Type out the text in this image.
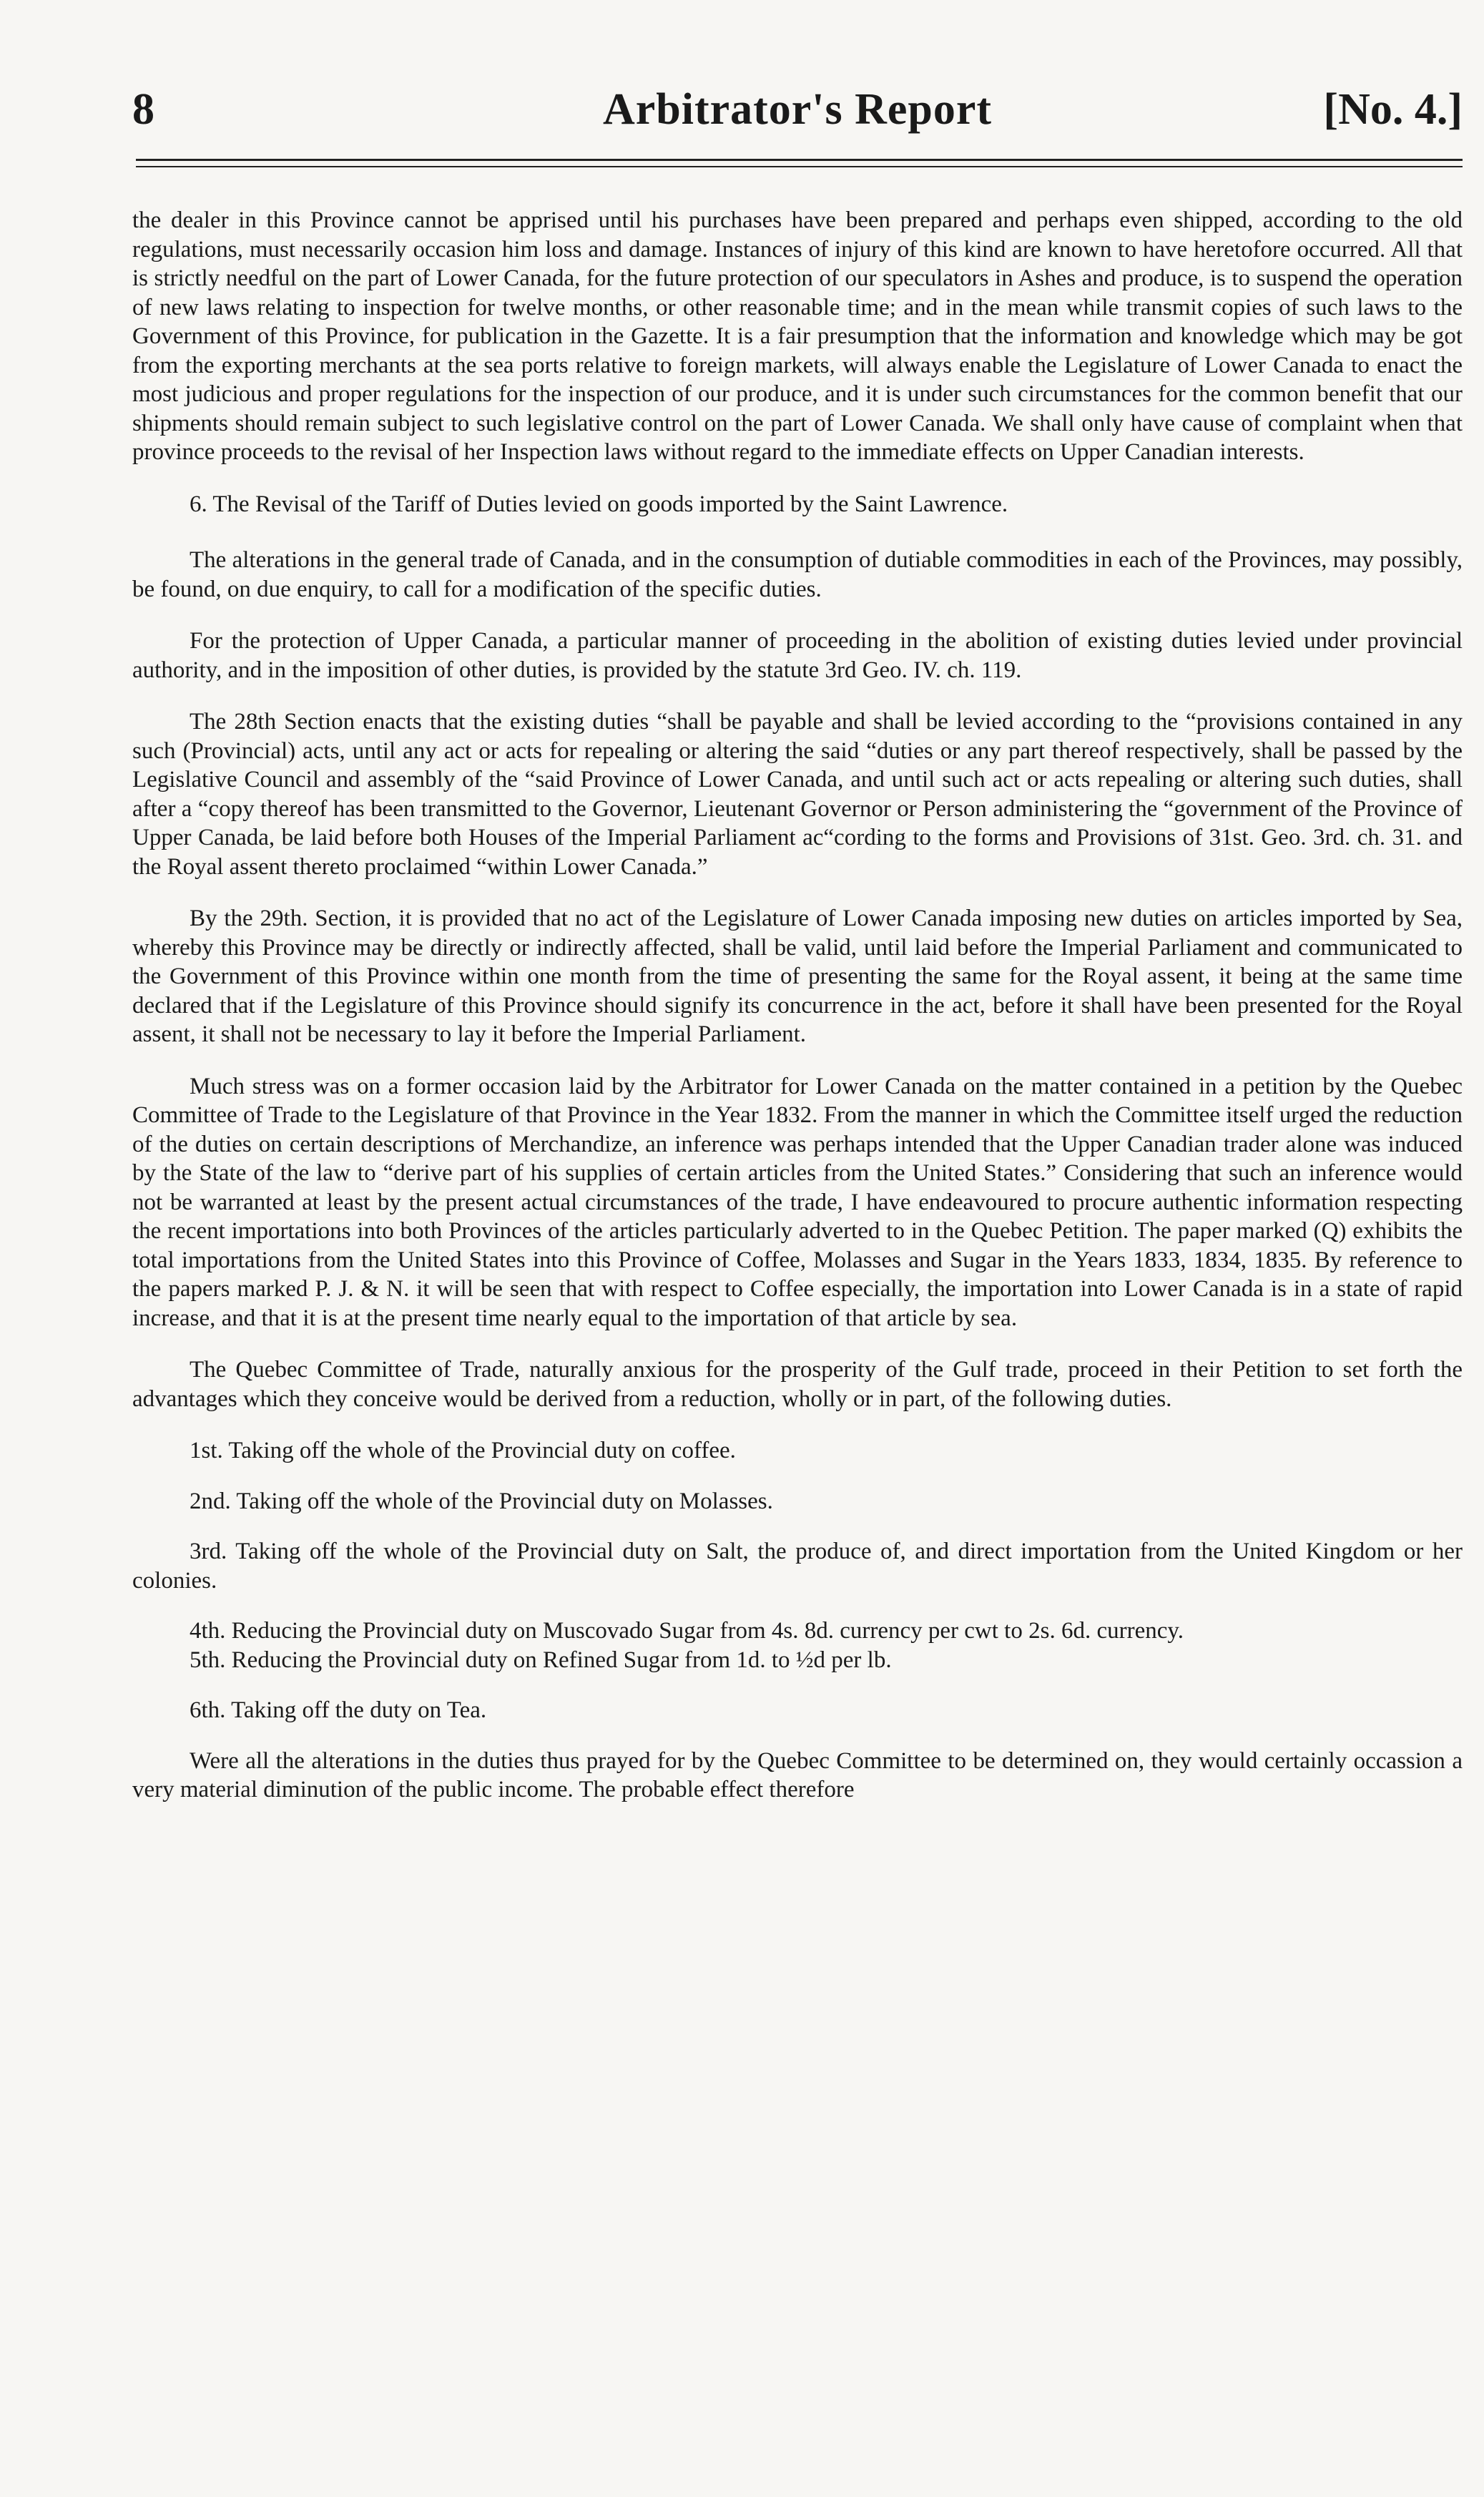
8	Arbitrator's Report	[No. 4.]

the dealer in this Province cannot be apprised until his purchases have been prepared and perhaps even shipped, according to the old regulations, must necessarily occasion him loss and damage. Instances of injury of this kind are known to have heretofore occurred. All that is strictly needful on the part of Lower Canada, for the future protection of our speculators in Ashes and produce, is to suspend the operation of new laws relating to inspection for twelve months, or other reasonable time; and in the mean while transmit copies of such laws to the Government of this Province, for publication in the Gazette. It is a fair presumption that the information and knowledge which may be got from the exporting merchants at the sea ports relative to foreign markets, will always enable the Legislature of Lower Canada to enact the most judicious and proper regulations for the inspection of our produce, and it is under such circumstances for the common benefit that our shipments should remain subject to such legislative control on the part of Lower Canada. We shall only have cause of complaint when that province proceeds to the revisal of her Inspection laws without regard to the immediate effects on Upper Canadian interests.

6. The Revisal of the Tariff of Duties levied on goods imported by the Saint Lawrence.

The alterations in the general trade of Canada, and in the consumption of dutiable commodities in each of the Provinces, may possibly, be found, on due enquiry, to call for a modification of the specific duties.

For the protection of Upper Canada, a particular manner of proceeding in the abolition of existing duties levied under provincial authority, and in the imposition of other duties, is provided by the statute 3rd Geo. IV. ch. 119.

The 28th Section enacts that the existing duties “shall be payable and shall be levied according to the “provisions contained in any such (Provincial) acts, until any act or acts for repealing or altering the said “duties or any part thereof respectively, shall be passed by the Legislative Council and assembly of the “said Province of Lower Canada, and until such act or acts repealing or altering such duties, shall after a “copy thereof has been transmitted to the Governor, Lieutenant Governor or Person administering the “government of the Province of Upper Canada, be laid before both Houses of the Imperial Parliament ac“cording to the forms and Provisions of 31st. Geo. 3rd. ch. 31. and the Royal assent thereto proclaimed “within Lower Canada.”

By the 29th. Section, it is provided that no act of the Legislature of Lower Canada imposing new duties on articles imported by Sea, whereby this Province may be directly or indirectly affected, shall be valid, until laid before the Imperial Parliament and communicated to the Government of this Province within one month from the time of presenting the same for the Royal assent, it being at the same time declared that if the Legislature of this Province should signify its concurrence in the act, before it shall have been presented for the Royal assent, it shall not be necessary to lay it before the Imperial Parliament.

Much stress was on a former occasion laid by the Arbitrator for Lower Canada on the matter contained in a petition by the Quebec Committee of Trade to the Legislature of that Province in the Year 1832. From the manner in which the Committee itself urged the reduction of the duties on certain descriptions of Merchandize, an inference was perhaps intended that the Upper Canadian trader alone was induced by the State of the law to “derive part of his supplies of certain articles from the United States.” Considering that such an inference would not be warranted at least by the present actual circumstances of the trade, I have endeavoured to procure authentic information respecting the recent importations into both Provinces of the articles particularly adverted to in the Quebec Petition. The paper marked (Q) exhibits the total importations from the United States into this Province of Coffee, Molasses and Sugar in the Years 1833, 1834, 1835. By reference to the papers marked P. J. & N. it will be seen that with respect to Coffee especially, the importation into Lower Canada is in a state of rapid increase, and that it is at the present time nearly equal to the importation of that article by sea.

The Quebec Committee of Trade, naturally anxious for the prosperity of the Gulf trade, proceed in their Petition to set forth the advantages which they conceive would be derived from a reduction, wholly or in part, of the following duties.

1st. Taking off the whole of the Provincial duty on coffee.

2nd. Taking off the whole of the Provincial duty on Molasses.

3rd. Taking off the whole of the Provincial duty on Salt, the produce of, and direct importation from the United Kingdom or her colonies.

4th. Reducing the Provincial duty on Muscovado Sugar from 4s. 8d. currency per cwt to 2s. 6d. currency.

5th. Reducing the Provincial duty on Refined Sugar from 1d. to ½d per lb.

6th. Taking off the duty on Tea.

Were all the alterations in the duties thus prayed for by the Quebec Committee to be determined on, they would certainly occassion a very material diminution of the public income. The probable effect therefore
